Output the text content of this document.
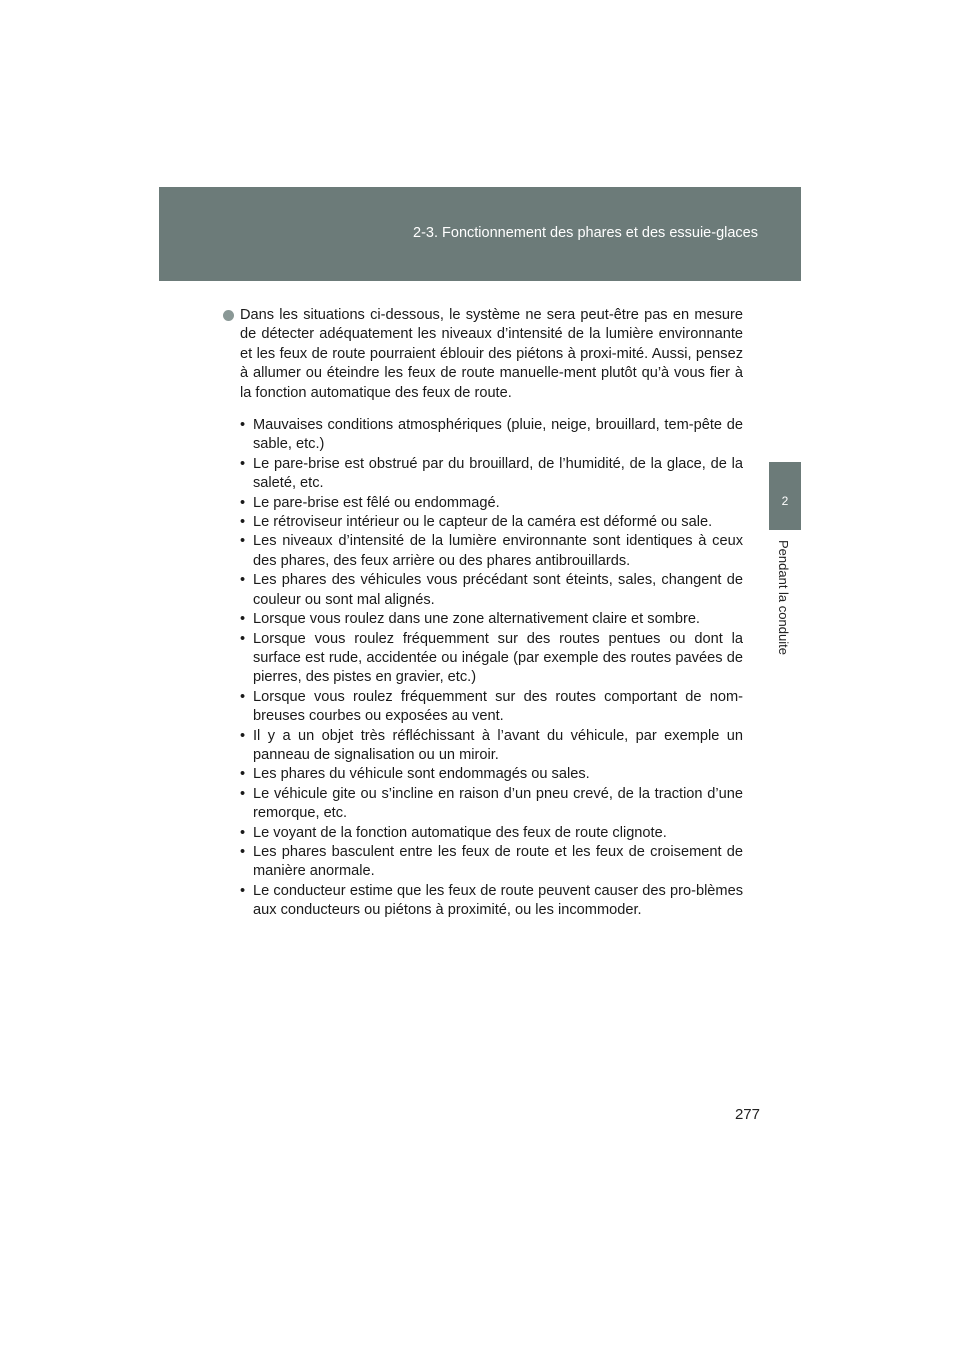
2-3. Fonctionnement des phares et des essuie-glaces
2
Pendant la conduite

Dans les situations ci-dessous, le système ne sera peut-être pas en mesure de détecter adéquatement les niveaux d’intensité de la lumière environnante et les feux de route pourraient éblouir des piétons à proxi-mité. Aussi, pensez à allumer ou éteindre les feux de route manuelle-ment plutôt qu’à vous fier à la fonction automatique des feux de route.

• Mauvaises conditions atmosphériques (pluie, neige, brouillard, tem-pête de sable, etc.)
• Le pare-brise est obstrué par du brouillard, de l’humidité, de la glace, de la saleté, etc.
• Le pare-brise est fêlé ou endommagé.
• Le rétroviseur intérieur ou le capteur de la caméra est déformé ou sale.
• Les niveaux d’intensité de la lumière environnante sont identiques à ceux des phares, des feux arrière ou des phares antibrouillards.
• Les phares des véhicules vous précédant sont éteints, sales, changent de couleur ou sont mal alignés.
• Lorsque vous roulez dans une zone alternativement claire et sombre.
• Lorsque vous roulez fréquemment sur des routes pentues ou dont la surface est rude, accidentée ou inégale (par exemple des routes pavées de pierres, des pistes en gravier, etc.)
• Lorsque vous roulez fréquemment sur des routes comportant de nom-breuses courbes ou exposées au vent.
• Il y a un objet très réfléchissant à l’avant du véhicule, par exemple un panneau de signalisation ou un miroir.
• Les phares du véhicule sont endommagés ou sales.
• Le véhicule gite ou s’incline en raison d’un pneu crevé, de la traction d’une remorque, etc.
• Le voyant de la fonction automatique des feux de route clignote.
• Les phares basculent entre les feux de route et les feux de croisement de manière anormale.
• Le conducteur estime que les feux de route peuvent causer des pro-blèmes aux conducteurs ou piétons à proximité, ou les incommoder.
277
